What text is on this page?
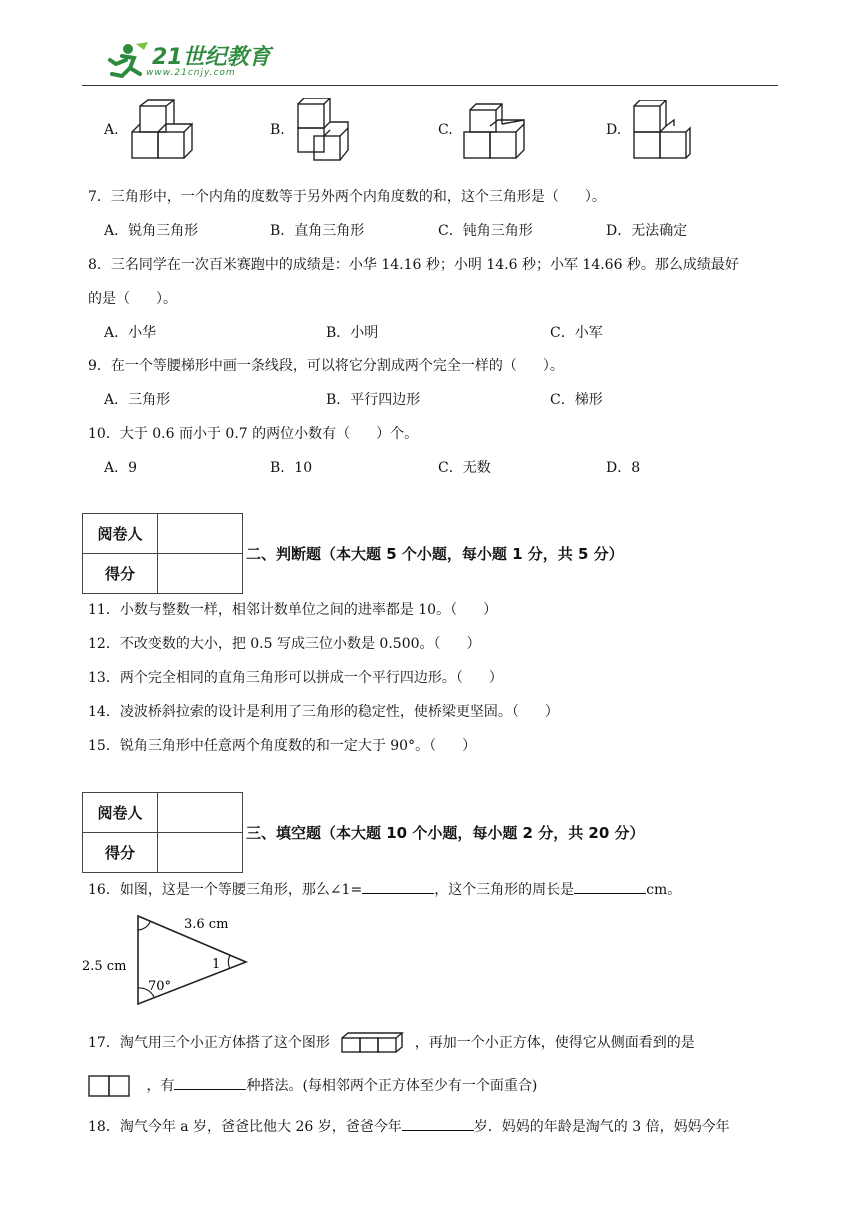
21世纪教育
www.21cnjy.com
A.	B.	C.	D.
7．三角形中，一个内角的度数等于另外两个内角度数的和，这个三角形是（ ）。
A．锐角三角形	B．直角三角形	C．钝角三角形	D．无法确定
8．三名同学在一次百米赛跑中的成绩是：小华 14.16 秒；小明 14.6 秒；小军 14.66 秒。那么成绩最好
的是（ ）。
A．小华	B．小明	C．小军
9．在一个等腰梯形中画一条线段，可以将它分割成两个完全一样的（ ）。
A．三角形	B．平行四边形	C．梯形
10．大于 0.6 而小于 0.7 的两位小数有（ ）个。
A．9	B．10	C．无数	D．8
阅卷人	
得分	
二、判断题（本大题 5 个小题，每小题 1 分，共 5 分）
11．小数与整数一样，相邻计数单位之间的进率都是 10。（ ）
12．不改变数的大小，把 0.5 写成三位小数是 0.500。（ ）
13．两个完全相同的直角三角形可以拼成一个平行四边形。（ ）
14．凌波桥斜拉索的设计是利用了三角形的稳定性，使桥梁更坚固。（ ）
15．锐角三角形中任意两个角度数的和一定大于 90°。（ ）
阅卷人	
得分	
三、填空题（本大题 10 个小题，每小题 2 分，共 20 分）
16．如图，这是一个等腰三角形，那么∠1=	，这个三角形的周长是	cm。
3.6 cm
2.5 cm
70°
1
17．淘气用三个小正方体搭了这个图形	，再加一个小正方体，使得它从侧面看到的是
，有	种搭法。(每相邻两个正方体至少有一个面重合)
18．淘气今年 a 岁，爸爸比他大 26 岁，爸爸今年	岁．妈妈的年龄是淘气的 3 倍，妈妈今年
